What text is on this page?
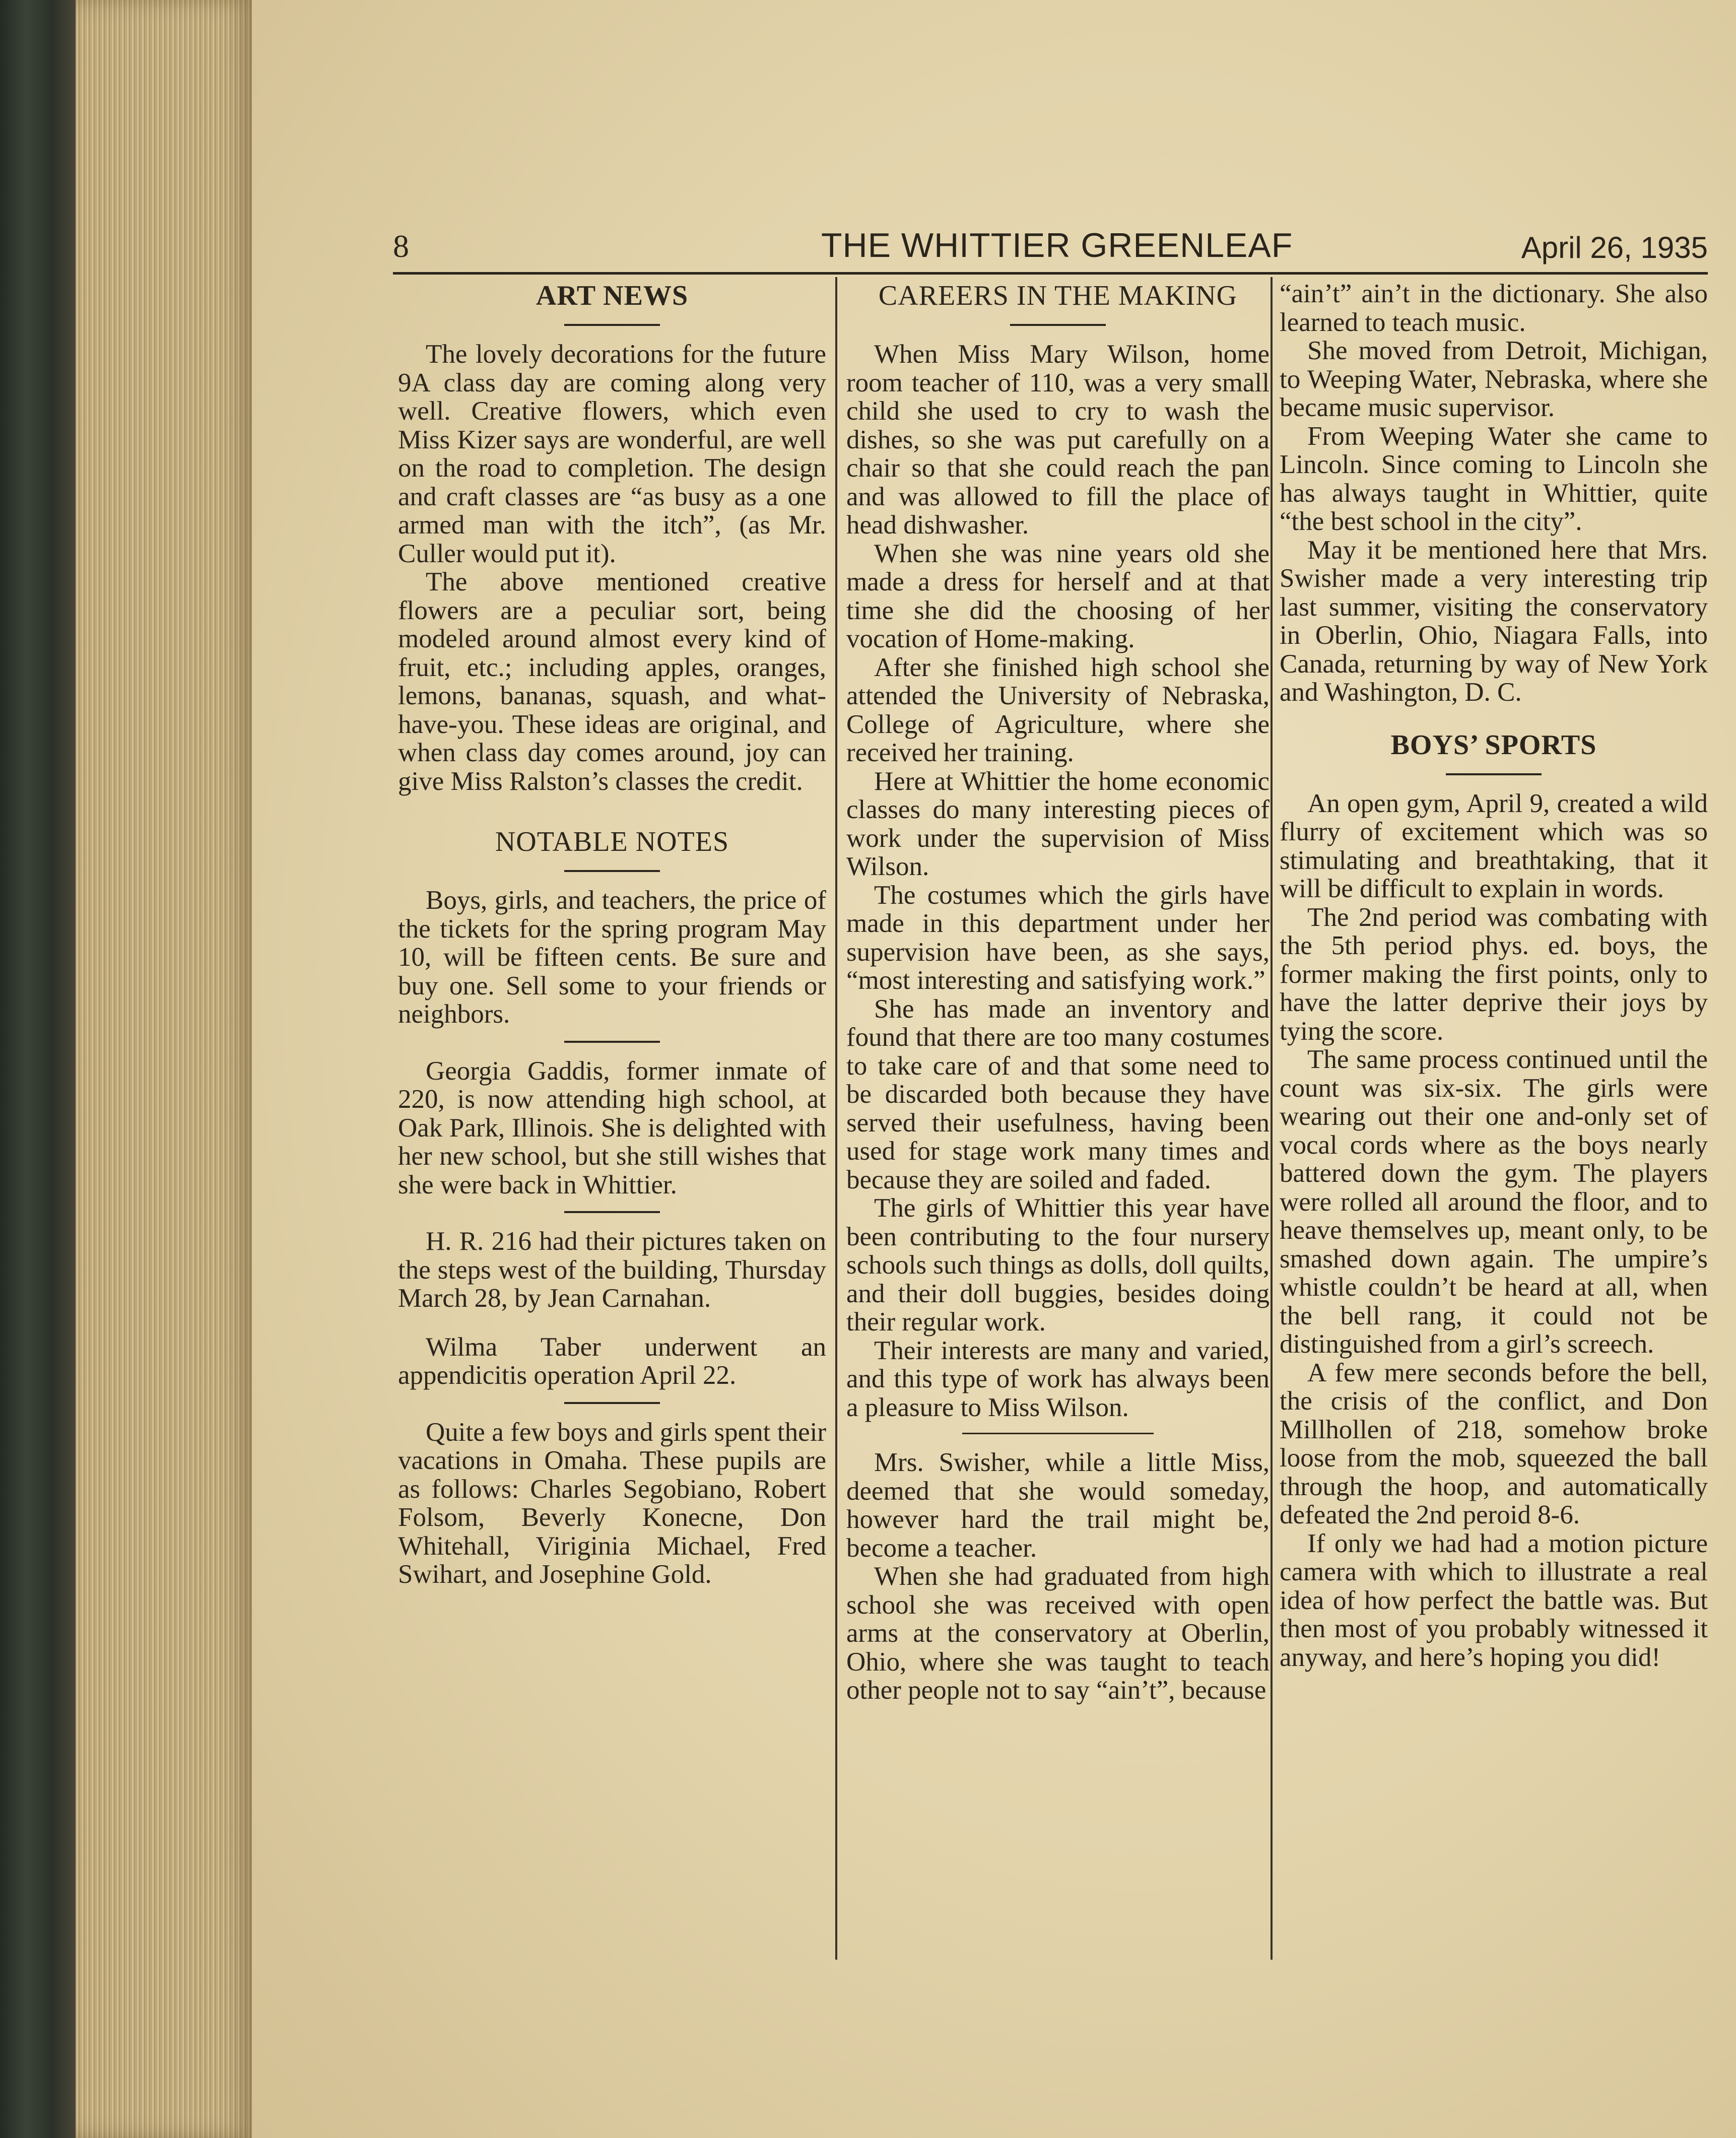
8	THE WHITTIER GREENLEAF	April 26, 1935
ART NEWS

The lovely decorations for the future 9A class day are coming along very well. Creative flowers, which even Miss Kizer says are wonderful, are well on the road to completion. The design and craft classes are “as busy as a one armed man with the itch”, (as Mr. Culler would put it).

The above mentioned creative flowers are a peculiar sort, being modeled around almost every kind of fruit, etc.; including apples, oranges, lemons, bananas, squash, and what-have-you. These ideas are original, and when class day comes around, joy can give Miss Ralston’s classes the credit.

NOTABLE NOTES

Boys, girls, and teachers, the price of the tickets for the spring program May 10, will be fifteen cents. Be sure and buy one. Sell some to your friends or neighbors.

Georgia Gaddis, former inmate of 220, is now attending high school, at Oak Park, Illinois. She is delighted with her new school, but she still wishes that she were back in Whittier.

H. R. 216 had their pictures taken on the steps west of the building, Thursday March 28, by Jean Carnahan.

Wilma Taber underwent an appendicitis operation April 22.

Quite a few boys and girls spent their vacations in Omaha. These pupils are as follows: Charles Segobiano, Robert Folsom, Beverly Konecne, Don Whitehall, Viriginia Michael, Fred Swihart, and Josephine Gold.

CAREERS IN THE MAKING

When Miss Mary Wilson, home room teacher of 110, was a very small child she used to cry to wash the dishes, so she was put carefully on a chair so that she could reach the pan and was allowed to fill the place of head dishwasher.

When she was nine years old she made a dress for herself and at that time she did the choosing of her vocation of Home-making.

After she finished high school she attended the University of Nebraska, College of Agriculture, where she received her training.

Here at Whittier the home economic classes do many interesting pieces of work under the supervision of Miss Wilson.

The costumes which the girls have made in this department under her supervision have been, as she says, “most interesting and satisfying work.”

She has made an inventory and found that there are too many costumes to take care of and that some need to be discarded both because they have served their usefulness, having been used for stage work many times and because they are soiled and faded.

The girls of Whittier this year have been contributing to the four nursery schools such things as dolls, doll quilts, and their doll buggies, besides doing their regular work.

Their interests are many and varied, and this type of work has always been a pleasure to Miss Wilson.

Mrs. Swisher, while a little Miss, deemed that she would someday, however hard the trail might be, become a teacher.

When she had graduated from high school she was received with open arms at the conservatory at Oberlin, Ohio, where she was taught to teach other people not to say “ain’t”, because

“ain’t” ain’t in the dictionary. She also learned to teach music.

She moved from Detroit, Michigan, to Weeping Water, Nebraska, where she became music supervisor.

From Weeping Water she came to Lincoln. Since coming to Lincoln she has always taught in Whittier, quite “the best school in the city”.

May it be mentioned here that Mrs. Swisher made a very interesting trip last summer, visiting the conservatory in Oberlin, Ohio, Niagara Falls, into Canada, returning by way of New York and Washington, D. C.

BOYS’ SPORTS

An open gym, April 9, created a wild flurry of excitement which was so stimulating and breathtaking, that it will be difficult to explain in words.

The 2nd period was combating with the 5th period phys. ed. boys, the former making the first points, only to have the latter deprive their joys by tying the score.

The same process continued until the count was six-six. The girls were wearing out their one and-only set of vocal cords where as the boys nearly battered down the gym. The players were rolled all around the floor, and to heave themselves up, meant only, to be smashed down again. The umpire’s whistle couldn’t be heard at all, when the bell rang, it could not be distinguished from a girl’s screech.

A few mere seconds before the bell, the crisis of the conflict, and Don Millhollen of 218, somehow broke loose from the mob, squeezed the ball through the hoop, and automatically defeated the 2nd peroid 8-6.

If only we had had a motion picture camera with which to illustrate a real idea of how perfect the battle was. But then most of you probably witnessed it anyway, and here’s hoping you did!
